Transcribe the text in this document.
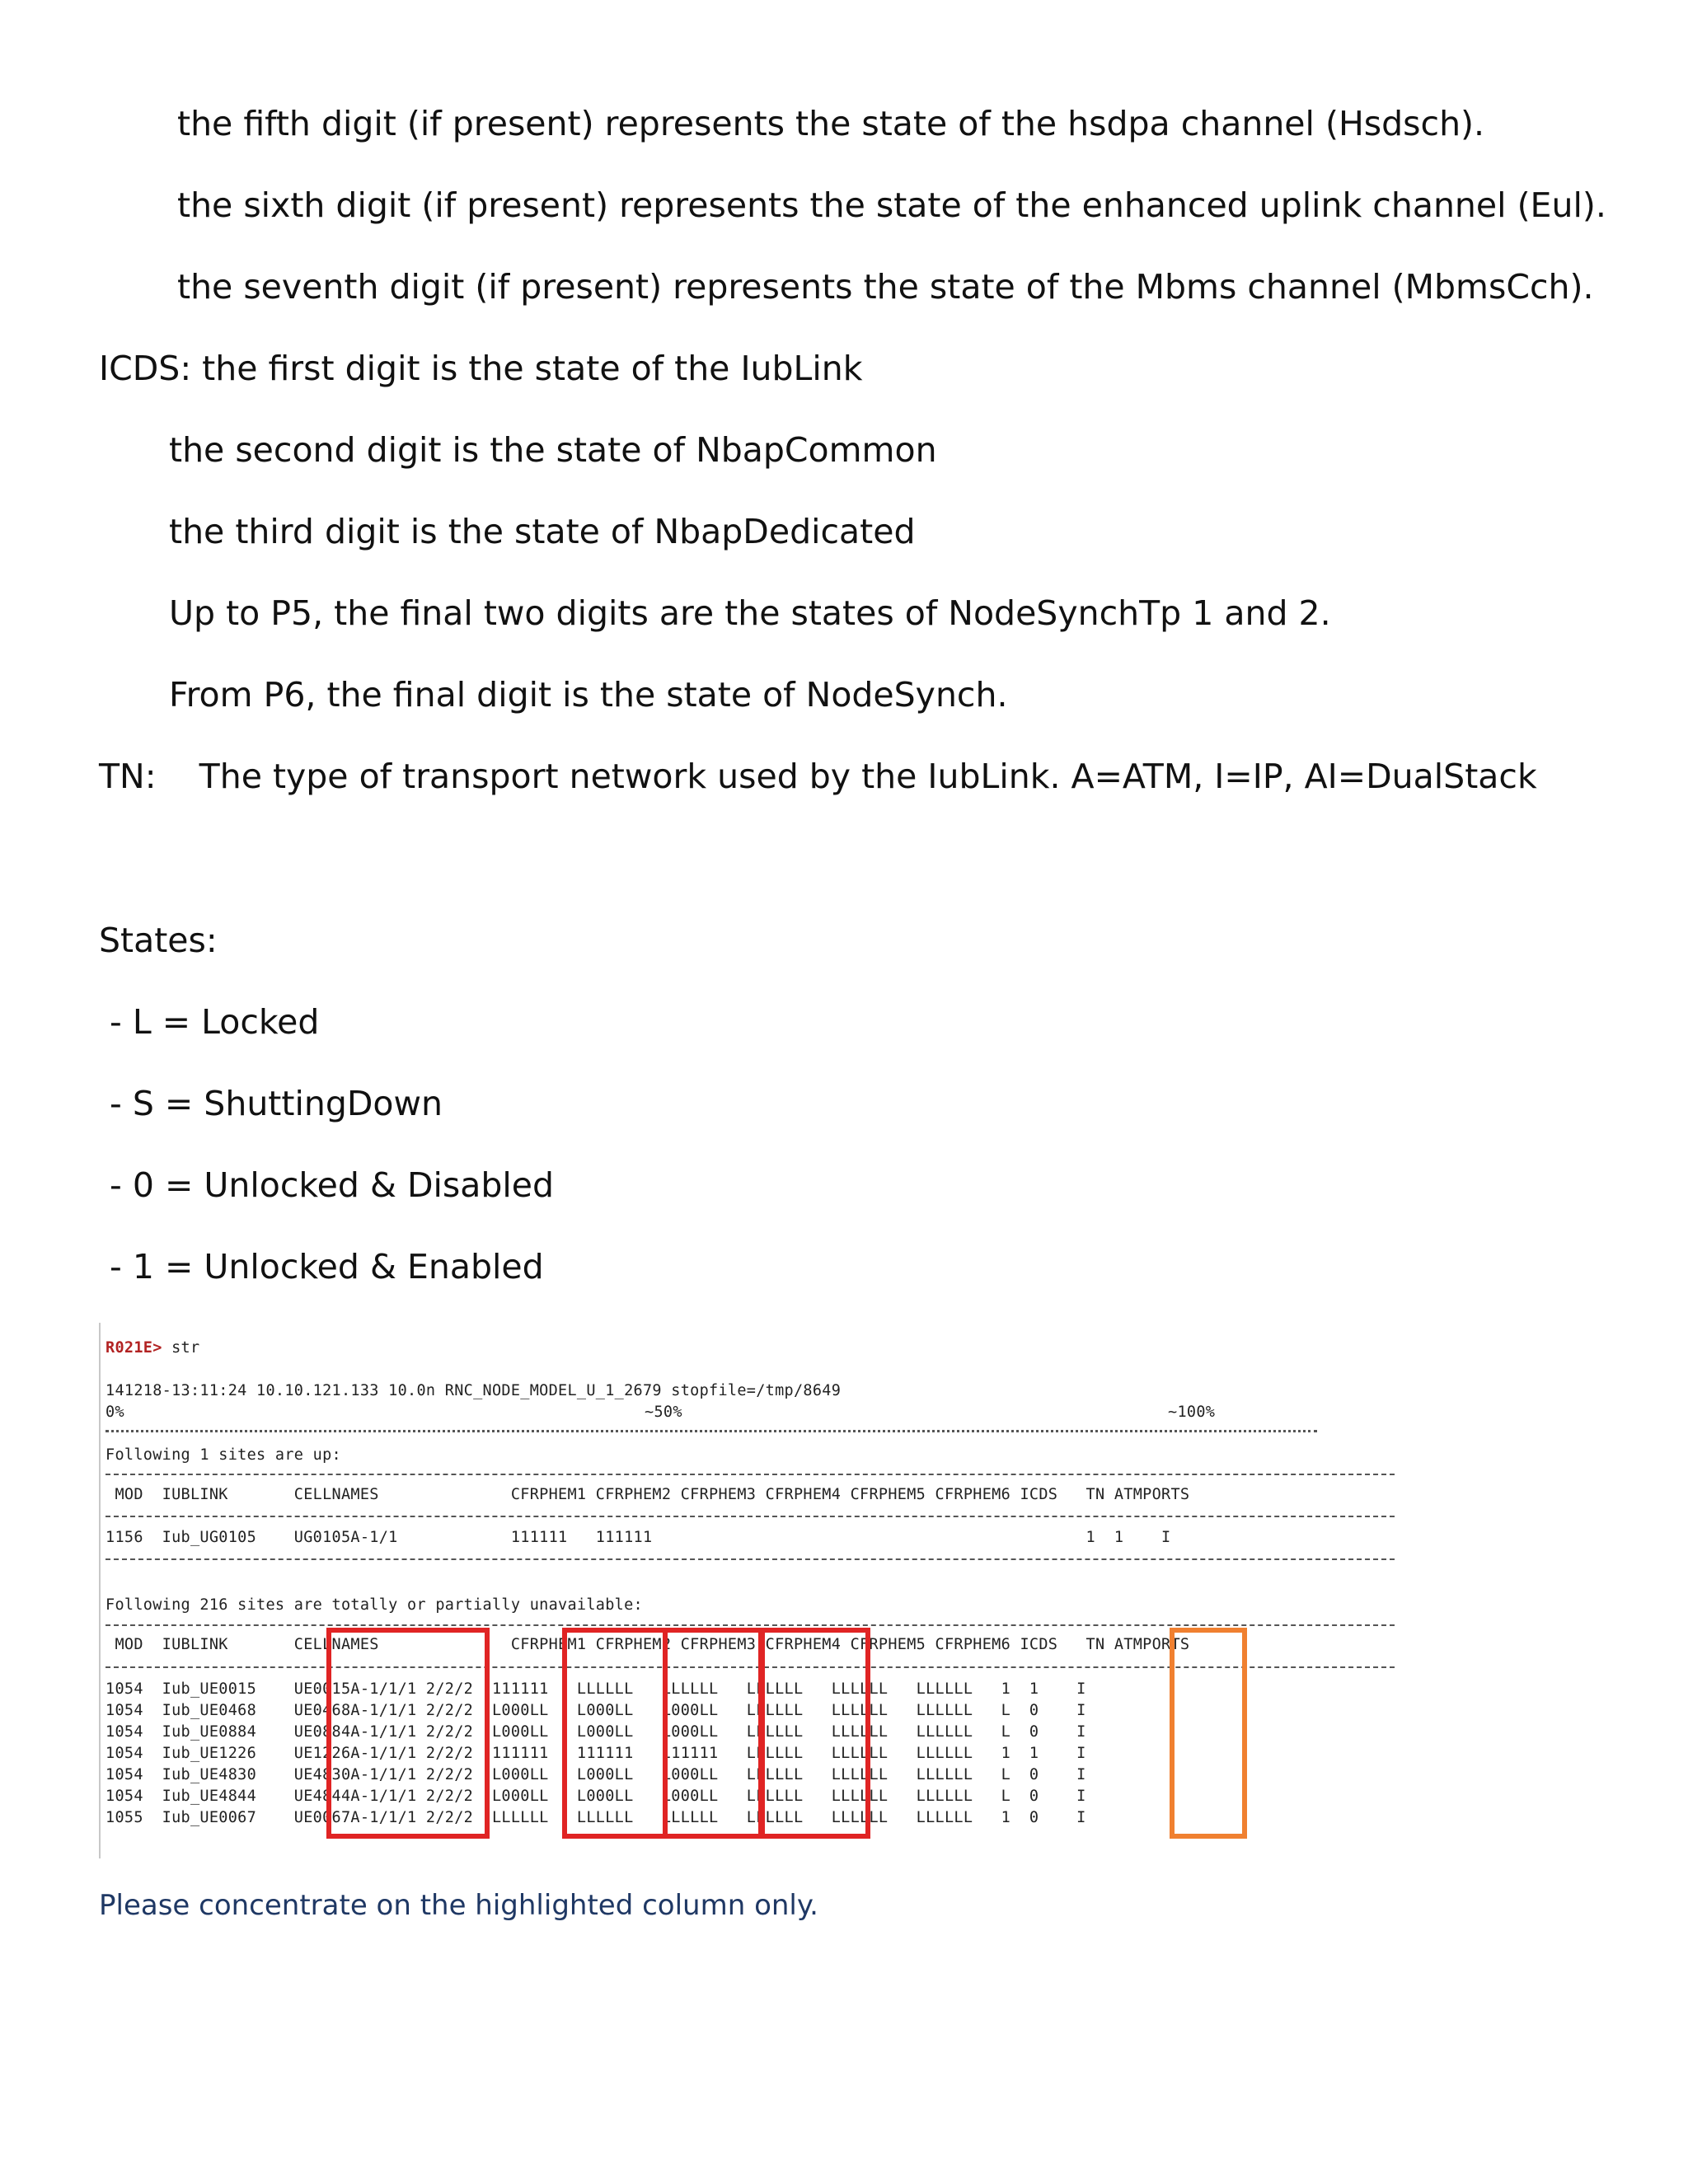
the fifth digit (if present) represents the state of the hsdpa channel (Hsdsch).
the sixth digit (if present) represents the state of the enhanced uplink channel (Eul).
the seventh digit (if present) represents the state of the Mbms channel (MbmsCch).
ICDS: the first digit is the state of the IubLink
the second digit is the state of NbapCommon
the third digit is the state of NbapDedicated
Up to P5, the final two digits are the states of NodeSynchTp 1 and 2.
From P6, the final digit is the state of NodeSynch.
TN:    The type of transport network used by the IubLink. A=ATM, I=IP, AI=DualStack
States:
- L = Locked
- S = ShuttingDown
- 0 = Unlocked & Disabled
- 1 = Unlocked & Enabled
R021E> str
141218-13:11:24 10.10.121.133 10.0n RNC_NODE_MODEL_U_1_2679 stopfile=/tmp/8649
0%	~50%	~100%
Following 1 sites are up:
MOD  IUBLINK       CELLNAMES              CFRPHEM1 CFRPHEM2 CFRPHEM3 CFRPHEM4 CFRPHEM5 CFRPHEM6 ICDS   TN ATMPORTS
1156  Iub_UG0105    UG0105A-1/1            111111   111111                                              1  1    I
Following 216 sites are totally or partially unavailable:
MOD  IUBLINK       CELLNAMES              CFRPHEM1 CFRPHEM2 CFRPHEM3 CFRPHEM4 CFRPHEM5 CFRPHEM6 ICDS   TN ATMPORTS
1054  Iub_UE0015    UE0015A-1/1/1 2/2/2  111111   LLLLLL   LLLLLL   LLLLLL   LLLLLL   LLLLLL   1  1    I
1054  Iub_UE0468    UE0468A-1/1/1 2/2/2  L000LL   L000LL   L000LL   LLLLLL   LLLLLL   LLLLLL   L  0    I
1054  Iub_UE0884    UE0884A-1/1/1 2/2/2  L000LL   L000LL   L000LL   LLLLLL   LLLLLL   LLLLLL   L  0    I
1054  Iub_UE1226    UE1226A-1/1/1 2/2/2  111111   111111   111111   LLLLLL   LLLLLL   LLLLLL   1  1    I
1054  Iub_UE4830    UE4830A-1/1/1 2/2/2  L000LL   L000LL   L000LL   LLLLLL   LLLLLL   LLLLLL   L  0    I
1054  Iub_UE4844    UE4844A-1/1/1 2/2/2  L000LL   L000LL   L000LL   LLLLLL   LLLLLL   LLLLLL   L  0    I
1055  Iub_UE0067    UE0067A-1/1/1 2/2/2  LLLLLL   LLLLLL   LLLLLL   LLLLLL   LLLLLL   LLLLLL   1  0    I
Please concentrate on the highlighted column only.
